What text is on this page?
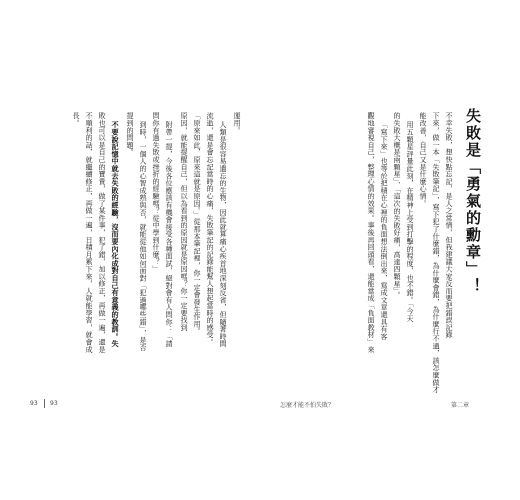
失敗是「勇氣的勳章」！
不幸失敗，想快點忘記，是人之常情，但我建議大家反而要把錯誤記錄
下來，做一本「失敗筆記」，寫下犯了什麼錯，為什麼會錯，為什麼行不通，該怎麼做才
能改善，自己又是什麼心情。
用五顆星評量此刻，在精神上受到打擊的程度，也不錯。「今天
的失敗大概是兩顆星」、「這次的失敗好痛，高達四顆星」。
「寫下來」也等於把積在心裡的負面想法倒出來，寫成文章還具有客
觀地審視自己，整理心情的效果。事後再回頭看，還能當成「負面教材」來
運用。
人類是很容易遺忘的生物，因此就算痛心疾首地深刻反省，但隨著時間
流逝，還是會忘記當時的心痛，失敗筆記的記錄能幫人想起當時的感受。
「原來如此，原來這就是原因。」從那本筆記裡，你一定會發生作用。
原因，就能提醒自己，但以為看到的原因就是原因嗎？你一定要找到
附帶一提，今後各位應該有機會接受各種面試，絕對會有人問你：「請
問你有過失敗或挫折的經驗嗎？從中學到什麼？」
到時，一個人的心智成熟與否，就能從他如何面對「犯過哪些錯」，是否
提到的問題。
不要說記憶中就去失敗的經驗，沒而要內化成對自己有意義的教訓。失
敗也可以是自己的寶貴，做了某件事，犯了錯，加以修正，再做一遍，還是
不順利的話，就繼續修正，再做一遍，日積月累下來，人就能學習，就會成
長。
93 93	怎麼才能不怕失敗？	第二章
